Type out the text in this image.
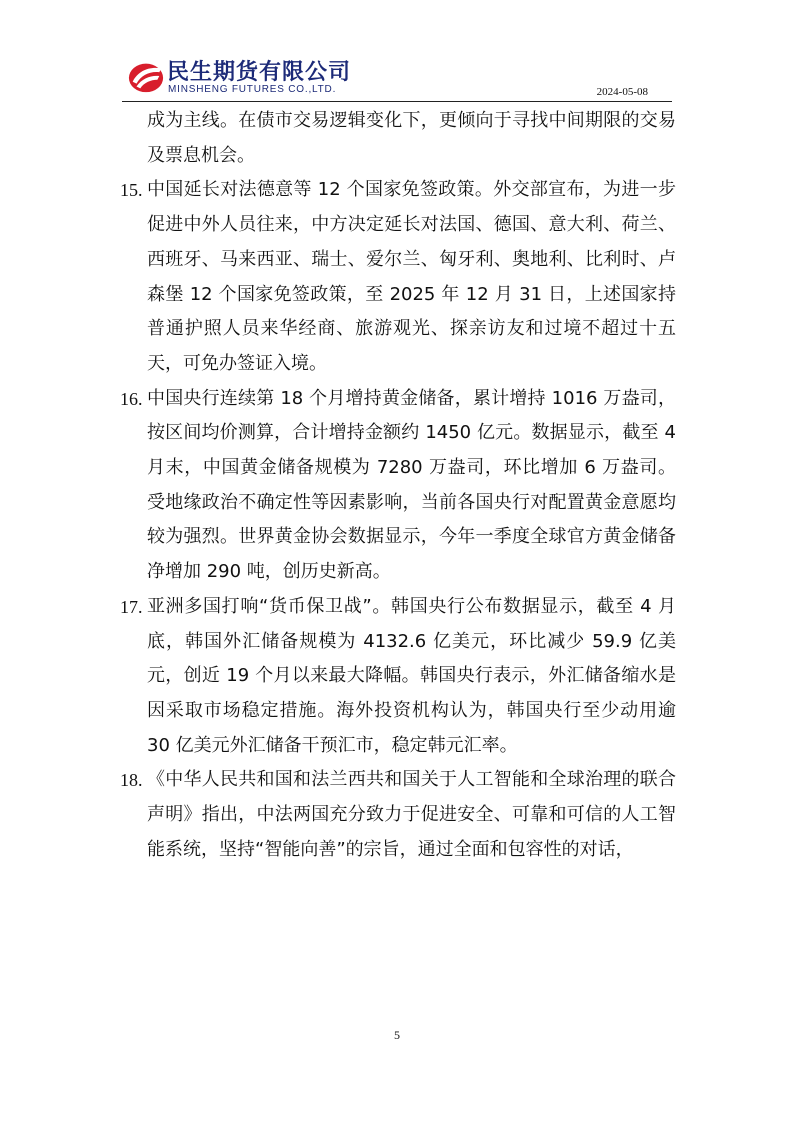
民生期货有限公司
MINSHENG FUTURES CO.,LTD.	2024-05-08

成为主线。在债市交易逻辑变化下，更倾向于寻找中间期限的交易及票息机会。

15. 中国延长对法德意等 12 个国家免签政策。外交部宣布，为进一步促进中外人员往来，中方决定延长对法国、德国、意大利、荷兰、西班牙、马来西亚、瑞士、爱尔兰、匈牙利、奥地利、比利时、卢森堡 12 个国家免签政策，至 2025 年 12 月 31 日，上述国家持普通护照人员来华经商、旅游观光、探亲访友和过境不超过十五天，可免办签证入境。

16. 中国央行连续第 18 个月增持黄金储备，累计增持 1016 万盎司，按区间均价测算，合计增持金额约 1450 亿元。数据显示，截至 4 月末，中国黄金储备规模为 7280 万盎司，环比增加 6 万盎司。受地缘政治不确定性等因素影响，当前各国央行对配置黄金意愿均较为强烈。世界黄金协会数据显示，今年一季度全球官方黄金储备净增加 290 吨，创历史新高。

17. 亚洲多国打响“货币保卫战”。韩国央行公布数据显示，截至 4 月底，韩国外汇储备规模为 4132.6 亿美元，环比减少 59.9 亿美元，创近 19 个月以来最大降幅。韩国央行表示，外汇储备缩水是因采取市场稳定措施。海外投资机构认为，韩国央行至少动用逾 30 亿美元外汇储备干预汇市，稳定韩元汇率。

18. 《中华人民共和国和法兰西共和国关于人工智能和全球治理的联合声明》指出，中法两国充分致力于促进安全、可靠和可信的人工智能系统，坚持“智能向善”的宗旨，通过全面和包容性的对话，

5
